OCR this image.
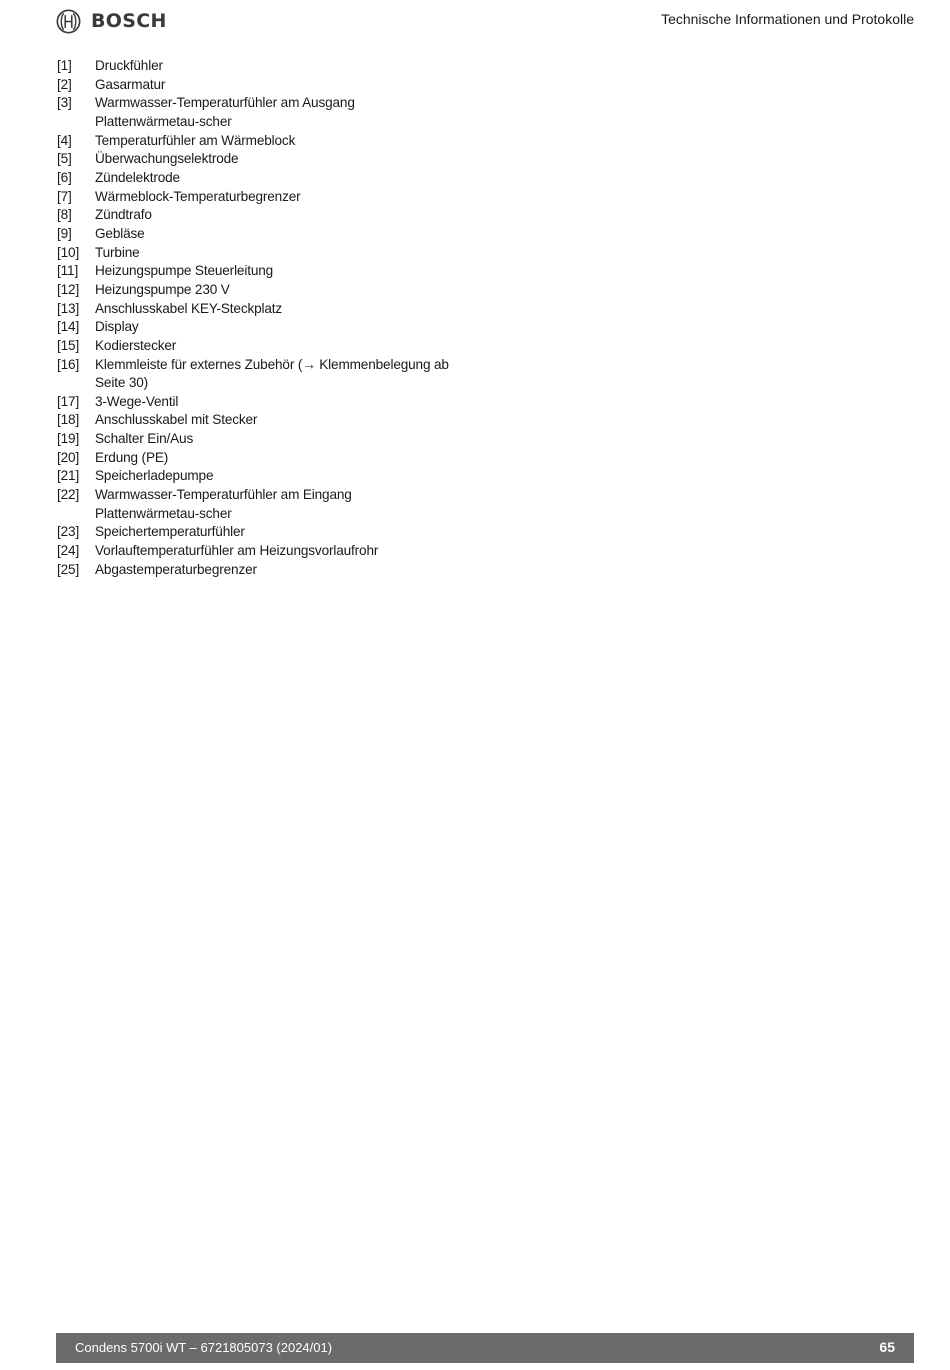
BOSCH	Technische Informationen und Protokolle
[1]	Druckfühler
[2]	Gasarmatur
[3]	Warmwasser-Temperaturfühler am Ausgang Plattenwärmetau-scher
[4]	Temperaturfühler am Wärmeblock
[5]	Überwachungselektrode
[6]	Zündelektrode
[7]	Wärmeblock-Temperaturbegrenzer
[8]	Zündtrafo
[9]	Gebläse
[10]	Turbine
[11]	Heizungspumpe Steuerleitung
[12]	Heizungspumpe 230 V
[13]	Anschlusskabel KEY-Steckplatz
[14]	Display
[15]	Kodierstecker
[16]	Klemmleiste für externes Zubehör (→ Klemmenbelegung ab Seite 30)
[17]	3-Wege-Ventil
[18]	Anschlusskabel mit Stecker
[19]	Schalter Ein/Aus
[20]	Erdung (PE)
[21]	Speicherladepumpe
[22]	Warmwasser-Temperaturfühler am Eingang Plattenwärmetau-scher
[23]	Speichertemperaturfühler
[24]	Vorlauftemperaturfühler am Heizungsvorlaufrohr
[25]	Abgastemperaturbegrenzer
Condens 5700i WT – 6721805073 (2024/01)	65
